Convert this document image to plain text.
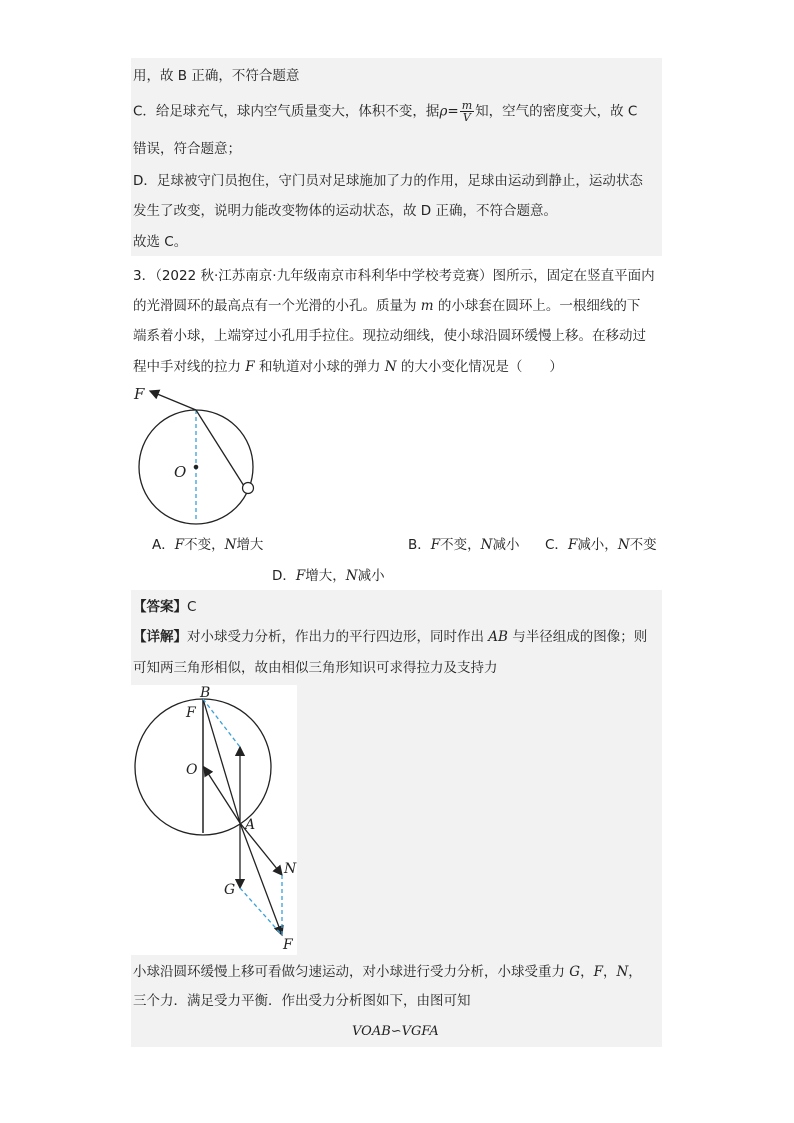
用，故 B 正确，不符合题意
C．给足球充气，球内空气质量变大，体积不变，据$\rho= \frac{m}{V}$ 知，空气的密度变大，故 C
错误，符合题意；
D．足球被守门员抱住，守门员对足球施加了力的作用，足球由运动到静止，运动状态
发生了改变，说明力能改变物体的运动状态，故 D 正确，不符合题意。
故选 C。
3．（2022 秋·江苏南京·九年级南京市科利华中学校考竞赛）图所示，固定在竖直平面内
的光滑圆环的最高点有一个光滑的小孔。质量为 m 的小球套在圆环上。一根细线的下
端系着小球，上端穿过小孔用手拉住。现拉动细线，使小球沿圆环缓慢上移。在移动过
程中手对线的拉力 F 和轨道对小球的弹力 N 的大小变化情况是（　　）
F
O
A．F不变，N增大	B．F不变，N减小 C．F减小，N不变
D．F增大，N减小
【答案】C
【详解】对小球受力分析，作出力的平行四边形，同时作出 AB 与半径组成的图像；则
可知两三角形相似，故由相似三角形知识可求得拉力及支持力
B
F
O
A
N
G
F
小球沿圆环缓慢上移可看做匀速运动，对小球进行受力分析，小球受重力 G，F，N，
三个力．满足受力平衡．作出受力分析图如下，由图可知
VOAB∽VGFA
